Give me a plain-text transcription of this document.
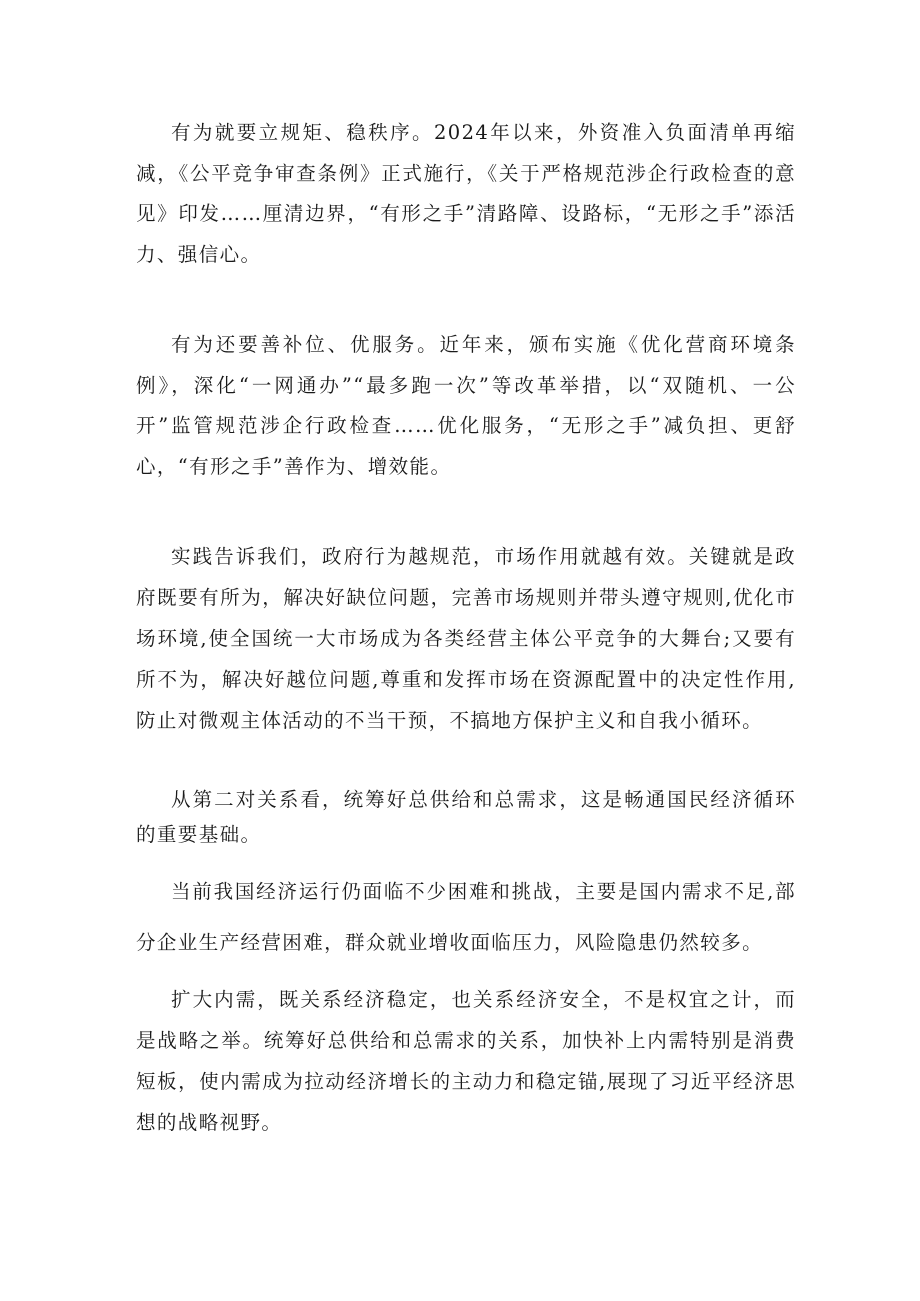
有为就要立规矩、稳秩序。2024年以来，外资准入负面清单再缩减，《公平竞争审查条例》正式施行，《关于严格规范涉企行政检查的意见》印发……厘清边界，“有形之手”清路障、设路标，“无形之手”添活力、强信心。

有为还要善补位、优服务。近年来，颁布实施《优化营商环境条例》，深化“一网通办”“最多跑一次”等改革举措，以“双随机、一公开”监管规范涉企行政检查……优化服务，“无形之手”减负担、更舒心，“有形之手”善作为、增效能。

实践告诉我们，政府行为越规范，市场作用就越有效。关键就是政府既要有所为，解决好缺位问题，完善市场规则并带头遵守规则,优化市场环境,使全国统一大市场成为各类经营主体公平竞争的大舞台;又要有所不为，解决好越位问题,尊重和发挥市场在资源配置中的决定性作用,防止对微观主体活动的不当干预，不搞地方保护主义和自我小循环。

从第二对关系看，统筹好总供给和总需求，这是畅通国民经济循环的重要基础。

当前我国经济运行仍面临不少困难和挑战，主要是国内需求不足,部分企业生产经营困难，群众就业增收面临压力，风险隐患仍然较多。

扩大内需，既关系经济稳定，也关系经济安全，不是权宜之计，而是战略之举。统筹好总供给和总需求的关系，加快补上内需特别是消费短板，使内需成为拉动经济增长的主动力和稳定锚,展现了习近平经济思想的战略视野。
